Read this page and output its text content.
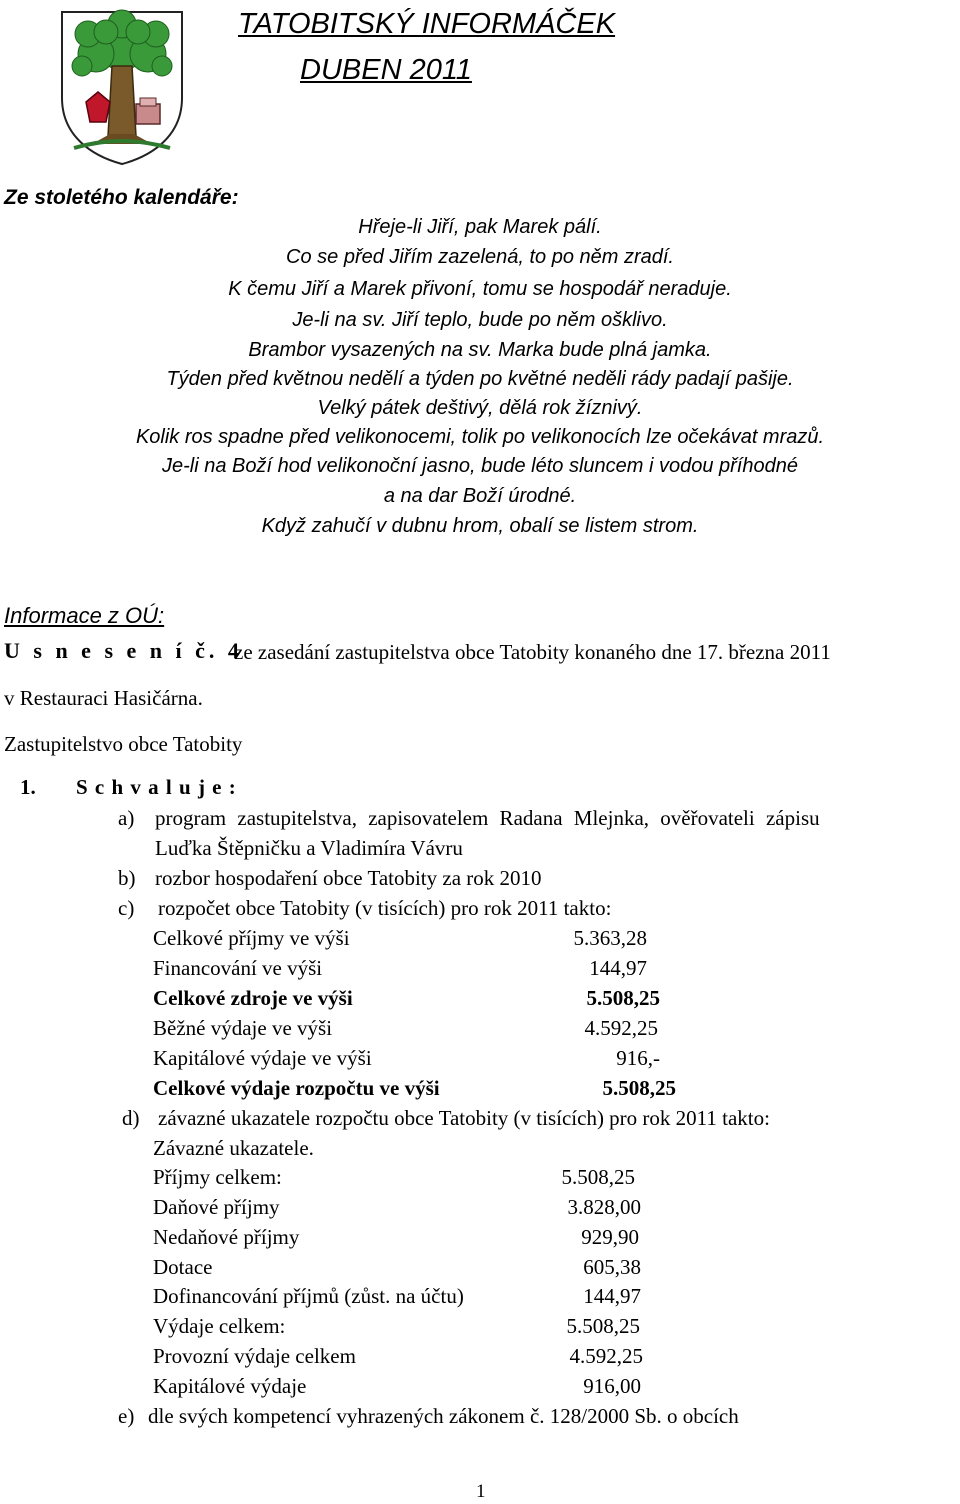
TATOBITSKÝ INFORMÁČEK
DUBEN 2011
Ze stoletého kalendáře:
Hřeje-li Jiří, pak Marek pálí.
Co se před Jiřím zazelená, to po něm zradí.
K čemu Jiří a Marek přivoní, tomu se hospodář neraduje.
Je-li na sv. Jiří teplo, bude po něm ošklivo.
Brambor vysazených na sv. Marka bude plná jamka.
Týden před květnou nedělí a týden po květné neděli rády padají pašije.
Velký pátek deštivý, dělá rok žíznivý.
Kolik ros spadne před velikonocemi, tolik po velikonocích lze očekávat mrazů.
Je-li na Boží hod velikonoční jasno, bude léto sluncem i vodou příhodné
a na dar Boží úrodné.
Když zahučí v dubnu hrom, obalí se listem strom.
Informace z OÚ:
U s n e s e n í č. 4
ze zasedání zastupitelstva obce Tatobity konaného dne 17. března 2011
v Restauraci Hasičárna.
Zastupitelstvo obce Tatobity
1. S c h v a l u j e :
a) program zastupitelstva, zapisovatelem Radana Mlejnka, ověřovateli zápisu
Luďka Štěpničku a Vladimíra Vávru
b) rozbor hospodaření obce Tatobity za rok 2010
c) rozpočet obce Tatobity (v tisících) pro rok 2011 takto:
Celkové příjmy ve výši	5.363,28
Financování ve výši	144,97
Celkové zdroje ve výši	5.508,25
Běžné výdaje ve výši	4.592,25
Kapitálové výdaje ve výši	916,-
Celkové výdaje rozpočtu ve výši	5.508,25
d) závazné ukazatele rozpočtu obce Tatobity (v tisících) pro rok 2011 takto:
Závazné ukazatele.
Příjmy celkem:	5.508,25
Daňové příjmy	3.828,00
Nedaňové příjmy	929,90
Dotace	605,38
Dofinancování příjmů (zůst. na účtu)	144,97
Výdaje celkem:	5.508,25
Provozní výdaje celkem	4.592,25
Kapitálové výdaje	916,00
e) dle svých kompetencí vyhrazených zákonem č. 128/2000 Sb. o obcích
1
